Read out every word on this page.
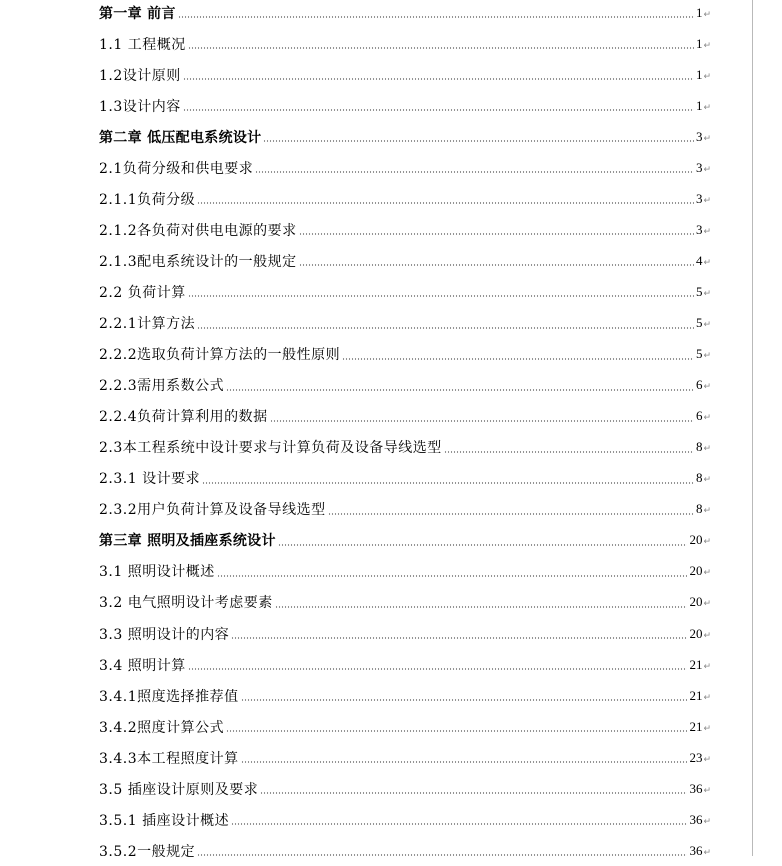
第一章 前言	1 ↵
1.1 工程概况	1 ↵
1.2设计原则	1 ↵
1.3设计内容	1 ↵
第二章 低压配电系统设计	3 ↵
2.1负荷分级和供电要求	3 ↵
2.1.1负荷分级	3 ↵
2.1.2各负荷对供电电源的要求	3 ↵
2.1.3配电系统设计的一般规定	4 ↵
2.2 负荷计算	5 ↵
2.2.1计算方法	5 ↵
2.2.2选取负荷计算方法的一般性原则	5 ↵
2.2.3需用系数公式	6 ↵
2.2.4负荷计算利用的数据	6 ↵
2.3本工程系统中设计要求与计算负荷及设备导线选型	8 ↵
2.3.1 设计要求	8 ↵
2.3.2用户负荷计算及设备导线选型	8 ↵
第三章 照明及插座系统设计	20 ↵
3.1 照明设计概述	20 ↵
3.2 电气照明设计考虑要素	20 ↵
3.3 照明设计的内容	20 ↵
3.4 照明计算	21 ↵
3.4.1照度选择推荐值	21 ↵
3.4.2照度计算公式	21 ↵
3.4.3本工程照度计算	23 ↵
3.5 插座设计原则及要求	36 ↵
3.5.1 插座设计概述	36 ↵
3.5.2一般规定	36 ↵
